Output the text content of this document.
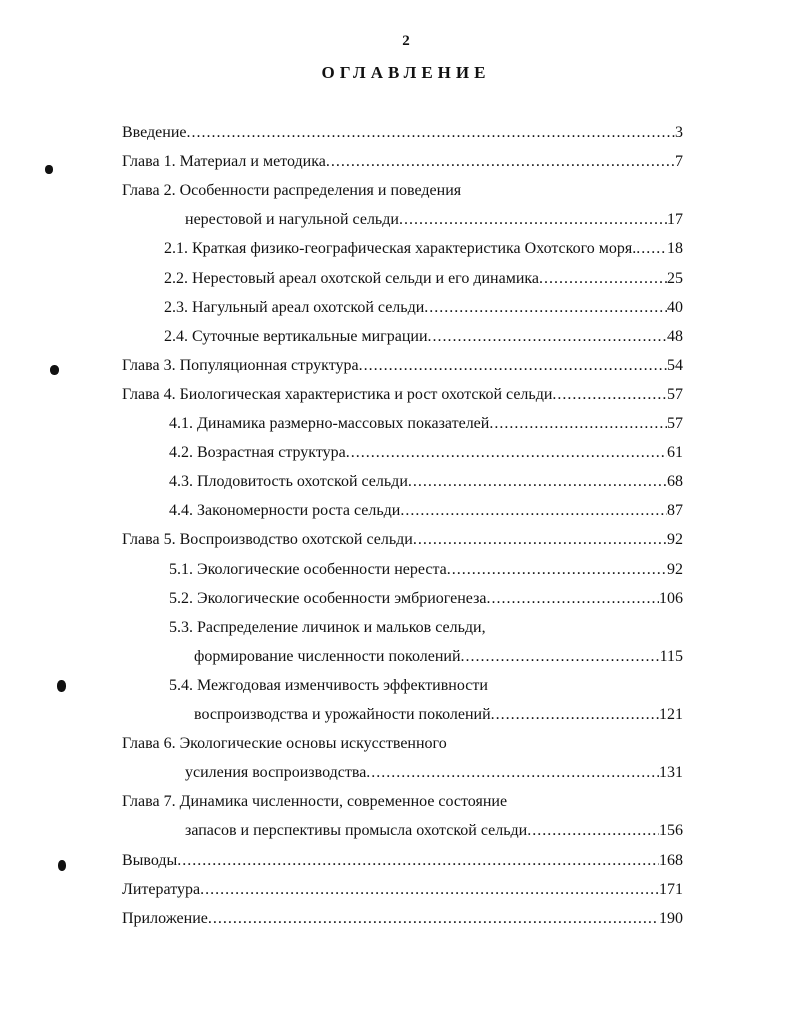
2
ОГЛАВЛЕНИЕ
Введение .....	3
Глава 1. Материал и методика .....	7
Глава 2. Особенности распределения и поведения
нерестовой и нагульной сельди .....	17
2.1. Краткая физико-географическая характеристика Охотского моря. ..... 18
2.2. Нерестовый ареал охотской сельди и его динамика .....	25
2.3. Нагульный ареал охотской сельди .....	40
2.4. Суточные вертикальные миграции .....	48
Глава 3. Популяционная структура .....	54
Глава 4. Биологическая характеристика и рост охотской сельди .....	57
4.1. Динамика размерно-массовых показателей .....	57
4.2. Возрастная структура .....	61
4.3. Плодовитость охотской сельди .....	68
4.4. Закономерности роста сельди .....	87
Глава 5. Воспроизводство охотской сельди .....	92
5.1. Экологические особенности нереста .....	92
5.2. Экологические особенности эмбриогенеза .....	106
5.3. Распределение личинок и мальков сельди,
формирование численности поколений .....	115
5.4. Межгодовая изменчивость эффективности
воспроизводства и урожайности поколений .....	121
Глава 6. Экологические основы искусственного
усиления воспроизводства .....	131
Глава 7. Динамика численности, современное состояние
запасов и перспективы промысла охотской сельди .....	156
Выводы .....	168
Литература .....	171
Приложение .....	190
